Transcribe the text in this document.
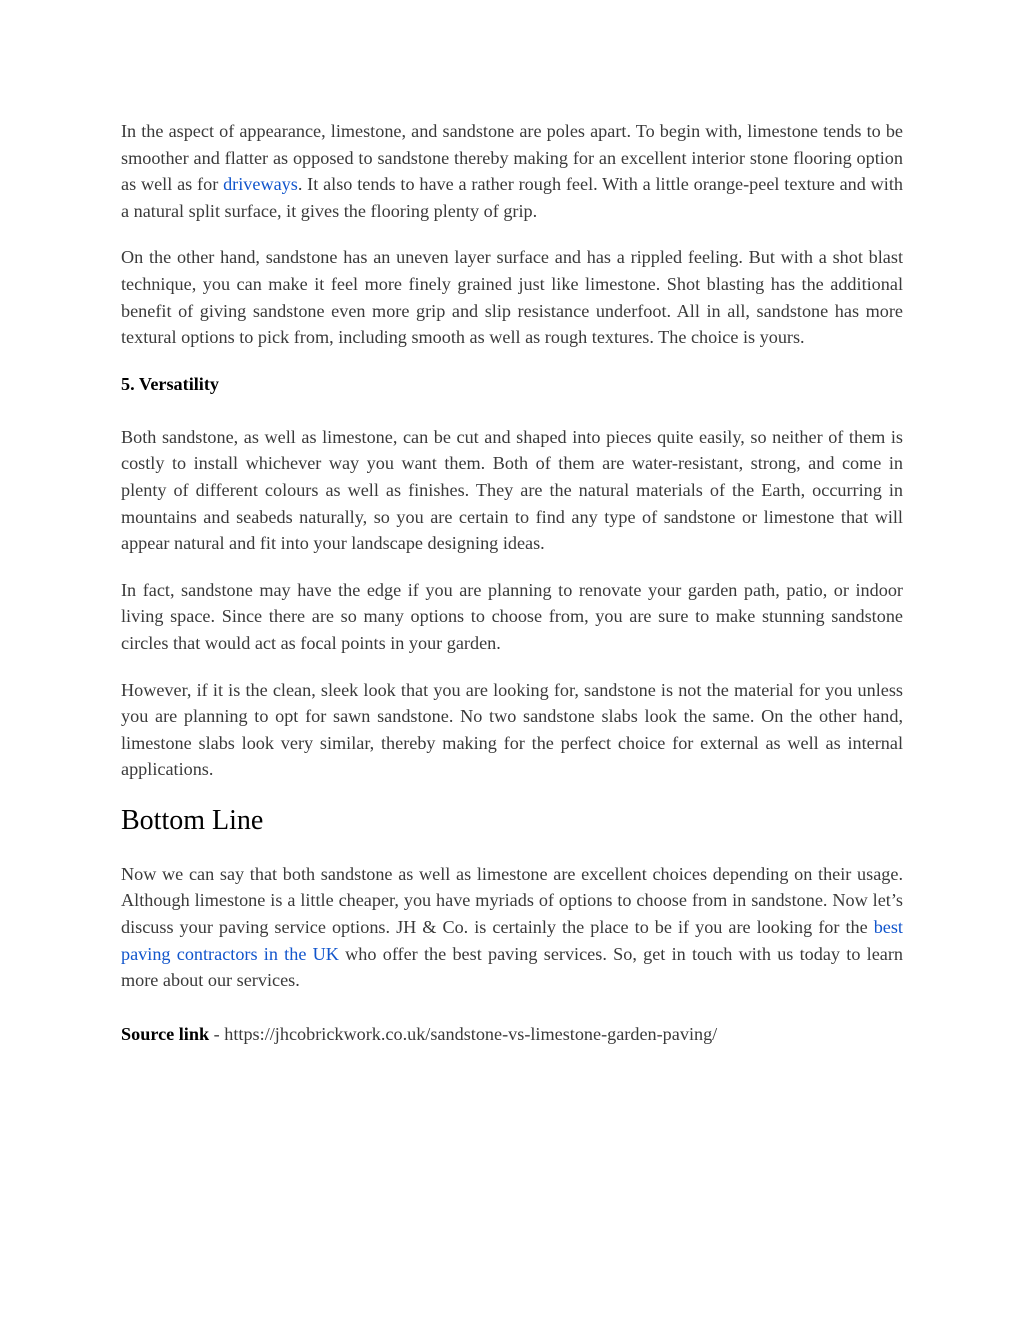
In the aspect of appearance, limestone, and sandstone are poles apart. To begin with, limestone tends to be smoother and flatter as opposed to sandstone thereby making for an excellent interior stone flooring option as well as for driveways. It also tends to have a rather rough feel. With a little orange-peel texture and with a natural split surface, it gives the flooring plenty of grip.

On the other hand, sandstone has an uneven layer surface and has a rippled feeling. But with a shot blast technique, you can make it feel more finely grained just like limestone. Shot blasting has the additional benefit of giving sandstone even more grip and slip resistance underfoot. All in all, sandstone has more textural options to pick from, including smooth as well as rough textures. The choice is yours.

5. Versatility

Both sandstone, as well as limestone, can be cut and shaped into pieces quite easily, so neither of them is costly to install whichever way you want them. Both of them are water-resistant, strong, and come in plenty of different colours as well as finishes. They are the natural materials of the Earth, occurring in mountains and seabeds naturally, so you are certain to find any type of sandstone or limestone that will appear natural and fit into your landscape designing ideas.

In fact, sandstone may have the edge if you are planning to renovate your garden path, patio, or indoor living space. Since there are so many options to choose from, you are sure to make stunning sandstone circles that would act as focal points in your garden.

However, if it is the clean, sleek look that you are looking for, sandstone is not the material for you unless you are planning to opt for sawn sandstone. No two sandstone slabs look the same. On the other hand, limestone slabs look very similar, thereby making for the perfect choice for external as well as internal applications.

Bottom Line

Now we can say that both sandstone as well as limestone are excellent choices depending on their usage. Although limestone is a little cheaper, you have myriads of options to choose from in sandstone. Now let’s discuss your paving service options. JH & Co. is certainly the place to be if you are looking for the best paving contractors in the UK who offer the best paving services. So, get in touch with us today to learn more about our services.

Source link - https://jhcobrickwork.co.uk/sandstone-vs-limestone-garden-paving/
